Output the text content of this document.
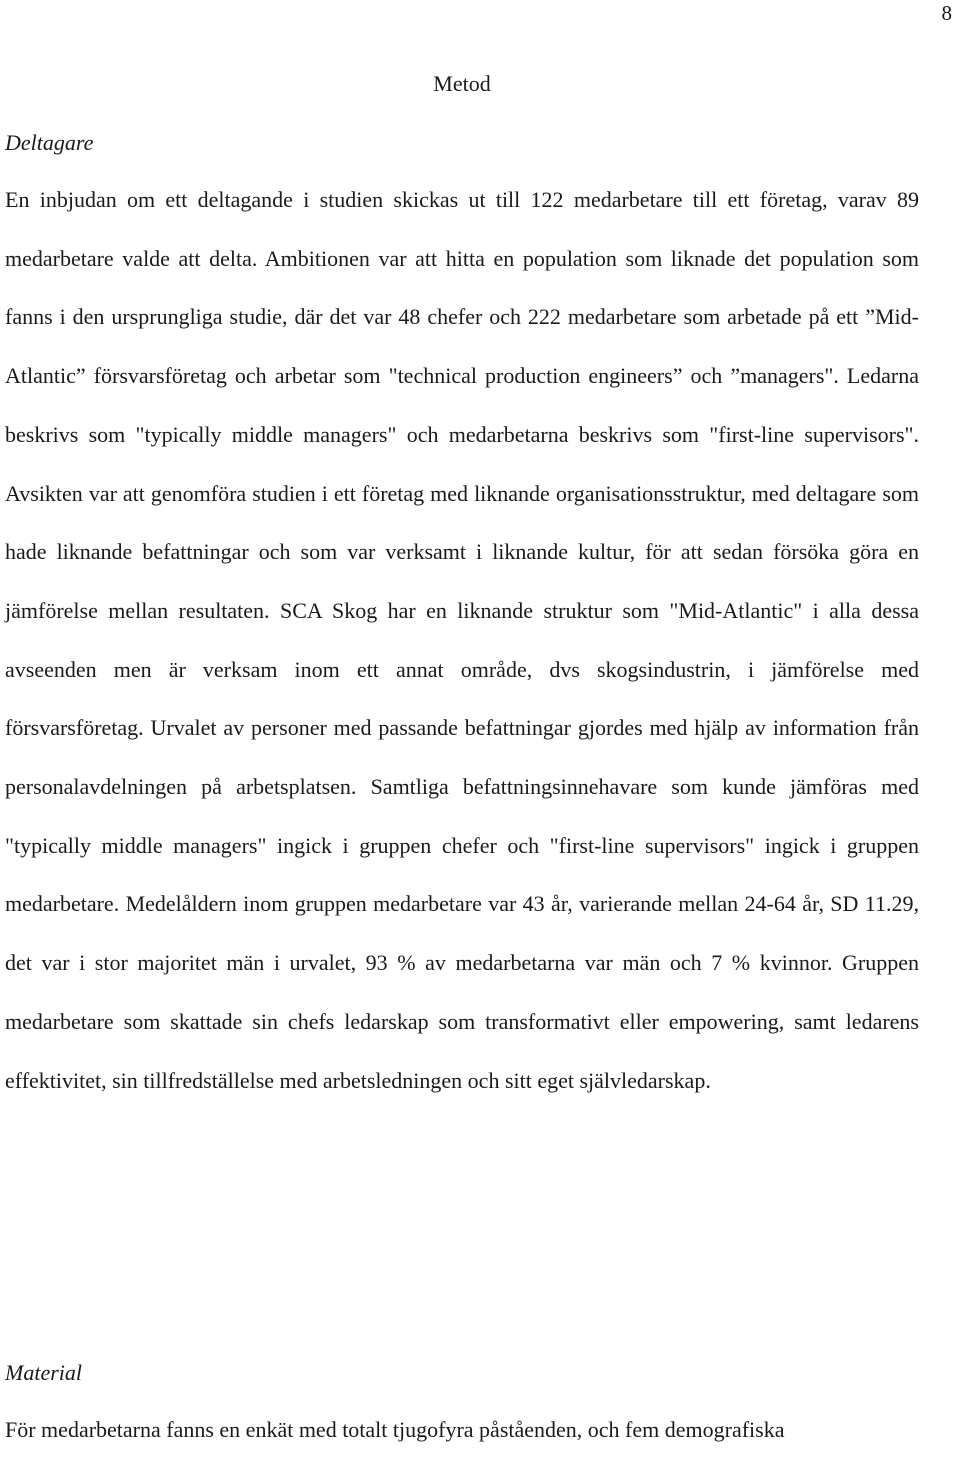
8
Metod
Deltagare

En inbjudan om ett deltagande i studien skickas ut till 122 medarbetare till ett företag, varav 89 medarbetare valde att delta. Ambitionen var att hitta en population som liknade det population som fanns i den ursprungliga studie, där det var 48 chefer och 222 medarbetare som arbetade på ett ”Mid-Atlantic” försvarsföretag och arbetar som "technical production engineers” och ”managers". Ledarna beskrivs som "typically middle managers" och medarbetarna beskrivs som "first-line supervisors". Avsikten var att genomföra studien i ett företag med liknande organisationsstruktur, med deltagare som hade liknande befattningar och som var verksamt i liknande kultur, för att sedan försöka göra en jämförelse mellan resultaten. SCA Skog har en liknande struktur som "Mid-Atlantic" i alla dessa avseenden men är verksam inom ett annat område, dvs skogsindustrin, i jämförelse med försvarsföretag. Urvalet av personer med passande befattningar gjordes med hjälp av information från personalavdelningen på arbetsplatsen. Samtliga befattningsinnehavare som kunde jämföras med "typically middle managers" ingick i gruppen chefer och "first-line supervisors" ingick i gruppen medarbetare. Medelåldern inom gruppen medarbetare var 43 år, varierande mellan 24-64 år, SD 11.29, det var i stor majoritet män i urvalet, 93 % av medarbetarna var män och 7 % kvinnor. Gruppen medarbetare som skattade sin chefs ledarskap som transformativt eller empowering, samt ledarens effektivitet, sin tillfredställelse med arbetsledningen och sitt eget självledarskap.

Material

För medarbetarna fanns en enkät med totalt tjugofyra påståenden, och fem demografiska
